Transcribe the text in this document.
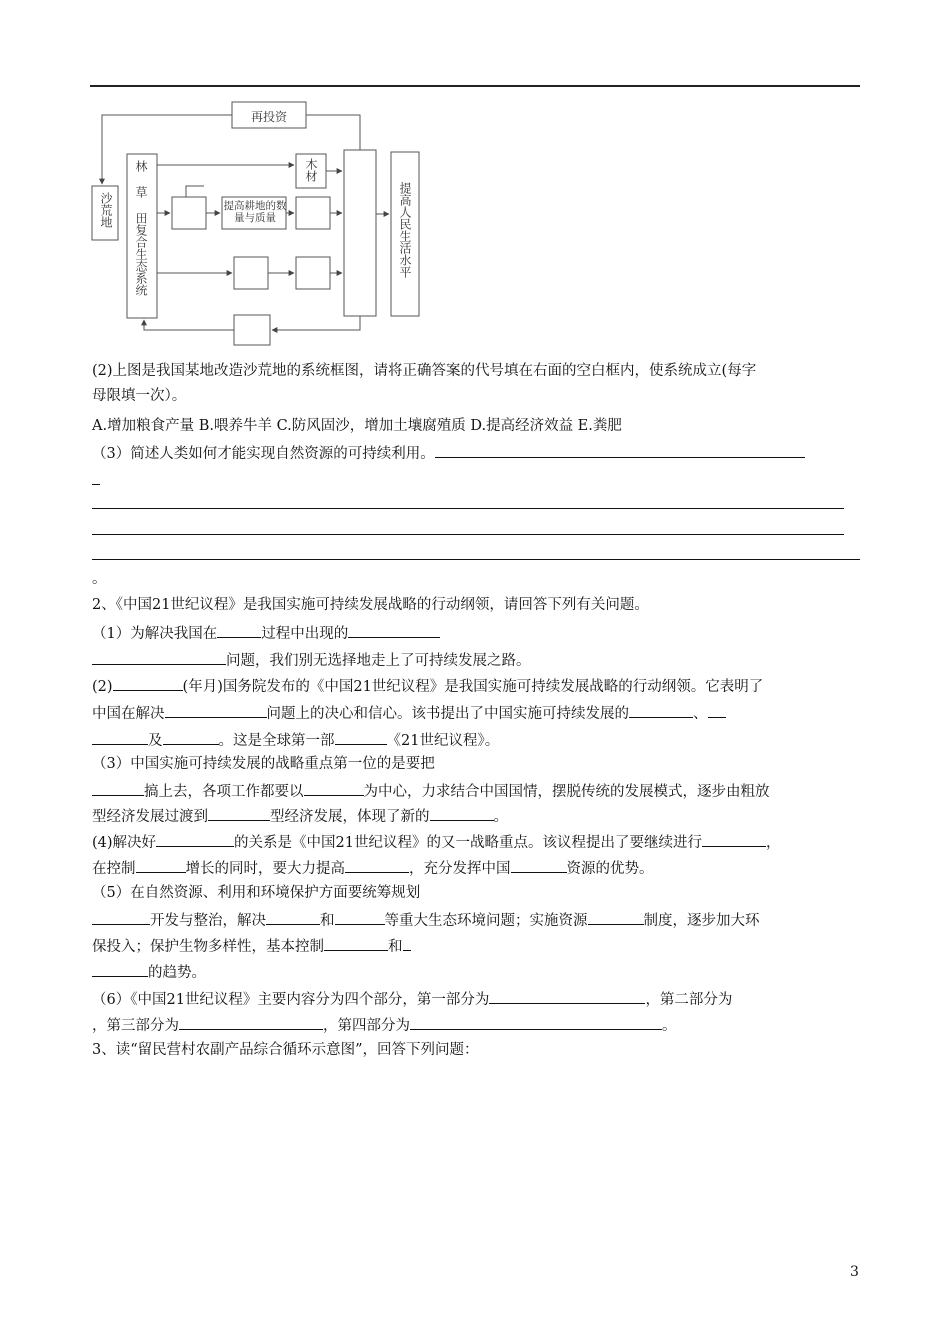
再投资
沙荒地 林 草 田复合生态系统	木材
提高耕地的数量与质量	提高人民生活水平
(2)上图是我国某地改造沙荒地的系统框图，请将正确答案的代号填在右面的空白框内，使系统成立(每字
母限填一次）。
A.增加粮食产量 B.喂养牛羊 C.防风固沙，增加土壤腐殖质 D.提高经济效益 E.粪肥
（3）简述人类如何才能实现自然资源的可持续利用。
。
2、《中国21世纪议程》是我国实施可持续发展战略的行动纲领，请回答下列有关问题。
（1）为解决我国在	过程中出现的
问题，我们别无选择地走上了可持续发展之路。
(2)	(年月)国务院发布的《中国21世纪议程》是我国实施可持续发展战略的行动纲领。它表明了
中国在解决	问题上的决心和信心。该书提出了中国实施可持续发展的	、
及	。这是全球第一部	《21世纪议程》。
（3）中国实施可持续发展的战略重点第一位的是要把
搞上去，各项工作都要以	为中心，力求结合中国国情，摆脱传统的发展模式，逐步由粗放
型经济发展过渡到	型经济发展，体现了新的	。
(4)解决好	的关系是《中国21世纪议程》的又一战略重点。该议程提出了要继续进行	，
在控制	增长的同时，要大力提高	，充分发挥中国	资源的优势。
（5）在自然资源、利用和环境保护方面要统筹规划
开发与整治，解决	和	等重大生态环境问题；实施资源	制度，逐步加大环
保投入；保护生物多样性，基本控制	和
的趋势。
（6）《中国21世纪议程》主要内容分为四个部分，第一部分为	，第二部分为
，第三部分为	，第四部分为	。
3、读“留民营村农副产品综合循环示意图”，回答下列问题：
3
